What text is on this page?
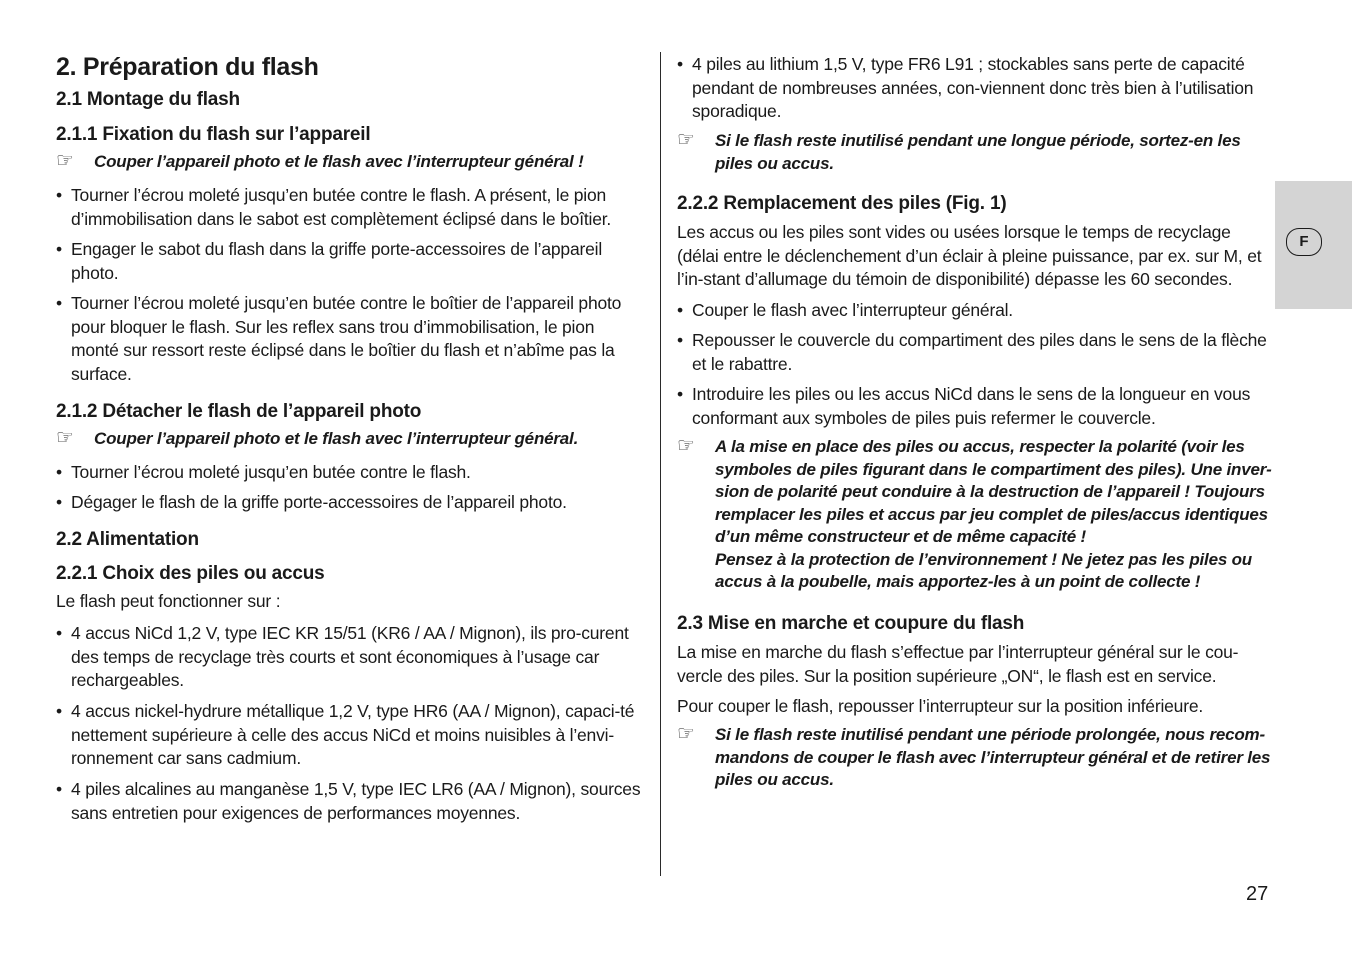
2. Préparation du flash
2.1 Montage du flash
2.1.1 Fixation du flash sur l’appareil
☞ Couper l’appareil photo et le flash avec l’interrupteur général !
• Tourner l’écrou moleté jusqu’en butée contre le flash. A présent, le pion d’immobilisation dans le sabot est complètement éclipsé dans le boîtier.
• Engager le sabot du flash dans la griffe porte-accessoires de l’appareil photo.
• Tourner l’écrou moleté jusqu’en butée contre le boîtier de l’appareil photo pour bloquer le flash. Sur les reflex sans trou d’immobilisation, le pion monté sur ressort reste éclipsé dans le boîtier du flash et n’abîme pas la surface.
2.1.2 Détacher le flash de l’appareil photo
☞ Couper l’appareil photo et le flash avec l’interrupteur général.
• Tourner l’écrou moleté jusqu’en butée contre le flash.
• Dégager le flash de la griffe porte-accessoires de l’appareil photo.
2.2 Alimentation
2.2.1 Choix des piles ou accus
Le flash peut fonctionner sur :
• 4 accus NiCd 1,2 V, type IEC KR 15/51 (KR6 / AA / Mignon), ils pro-curent des temps de recyclage très courts et sont économiques à l’usage car rechargeables.
• 4 accus nickel-hydrure métallique 1,2 V, type HR6 (AA / Mignon), capaci-té nettement supérieure à celle des accus NiCd et moins nuisibles à l’envi-ronnement car sans cadmium.
• 4 piles alcalines au manganèse 1,5 V, type IEC LR6 (AA / Mignon), sources sans entretien pour exigences de performances moyennes.
• 4 piles au lithium 1,5 V, type FR6 L91 ; stockables sans perte de capacité pendant de nombreuses années, con-viennent donc très bien à l’utilisation sporadique.
☞ Si le flash reste inutilisé pendant une longue période, sortez-en les piles ou accus.
2.2.2 Remplacement des piles (Fig. 1)
Les accus ou les piles sont vides ou usées lorsque le temps de recyclage (délai entre le déclenchement d’un éclair à pleine puissance, par ex. sur M, et l’in-stant d’allumage du témoin de disponibilité) dépasse les 60 secondes.
• Couper le flash avec l’interrupteur général.
• Repousser le couvercle du compartiment des piles dans le sens de la flèche et le rabattre.
• Introduire les piles ou les accus NiCd dans le sens de la longueur en vous conformant aux symboles de piles puis refermer le couvercle.
☞ A la mise en place des piles ou accus, respecter la polarité (voir les symboles de piles figurant dans le compartiment des piles). Une inver-sion de polarité peut conduire à la destruction de l’appareil ! Toujours remplacer les piles et accus par jeu complet de piles/accus identiques d’un même constructeur et de même capacité !
Pensez à la protection de l’environnement ! Ne jetez pas les piles ou accus à la poubelle, mais apportez-les à un point de collecte !
2.3 Mise en marche et coupure du flash
La mise en marche du flash s’effectue par l’interrupteur général sur le cou-vercle des piles. Sur la position supérieure „ON“, le flash est en service.
Pour couper le flash, repousser l’interrupteur sur la position inférieure.
☞ Si le flash reste inutilisé pendant une période prolongée, nous recom-mandons de couper le flash avec l’interrupteur général et de retirer les piles ou accus.
F
27
